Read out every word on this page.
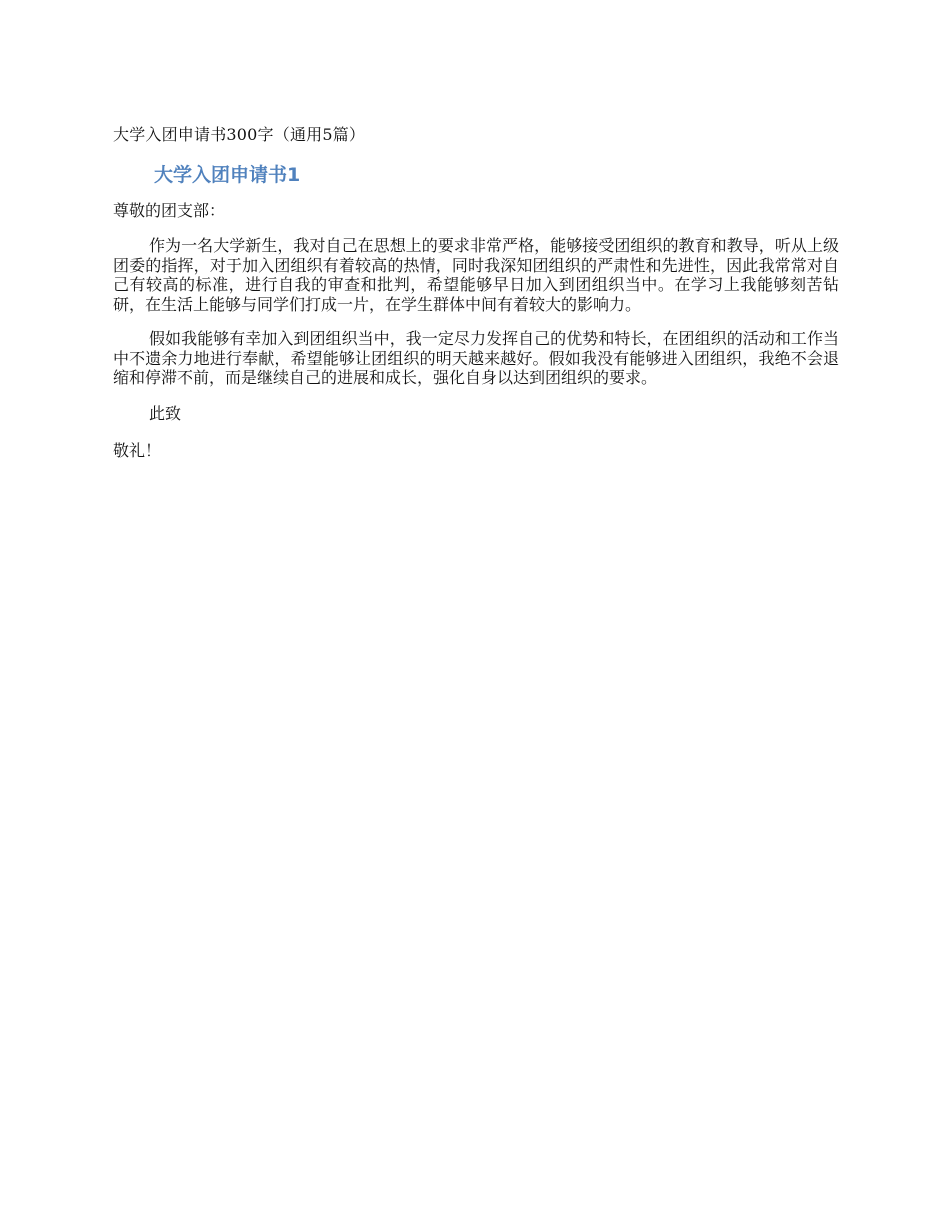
大学入团申请书300字（通用5篇）
大学入团申请书1
尊敬的团支部：

作为一名大学新生，我对自己在思想上的要求非常严格，能够接受团组织的教育和教导，听从上级团委的指挥，对于加入团组织有着较高的热情，同时我深知团组织的严肃性和先进性，因此我常常对自己有较高的标准，进行自我的审查和批判，希望能够早日加入到团组织当中。在学习上我能够刻苦钻研，在生活上能够与同学们打成一片，在学生群体中间有着较大的影响力。

假如我能够有幸加入到团组织当中，我一定尽力发挥自己的优势和特长，在团组织的活动和工作当中不遗余力地进行奉献，希望能够让团组织的明天越来越好。假如我没有能够进入团组织，我绝不会退缩和停滞不前，而是继续自己的进展和成长，强化自身以达到团组织的要求。

此致
敬礼！
